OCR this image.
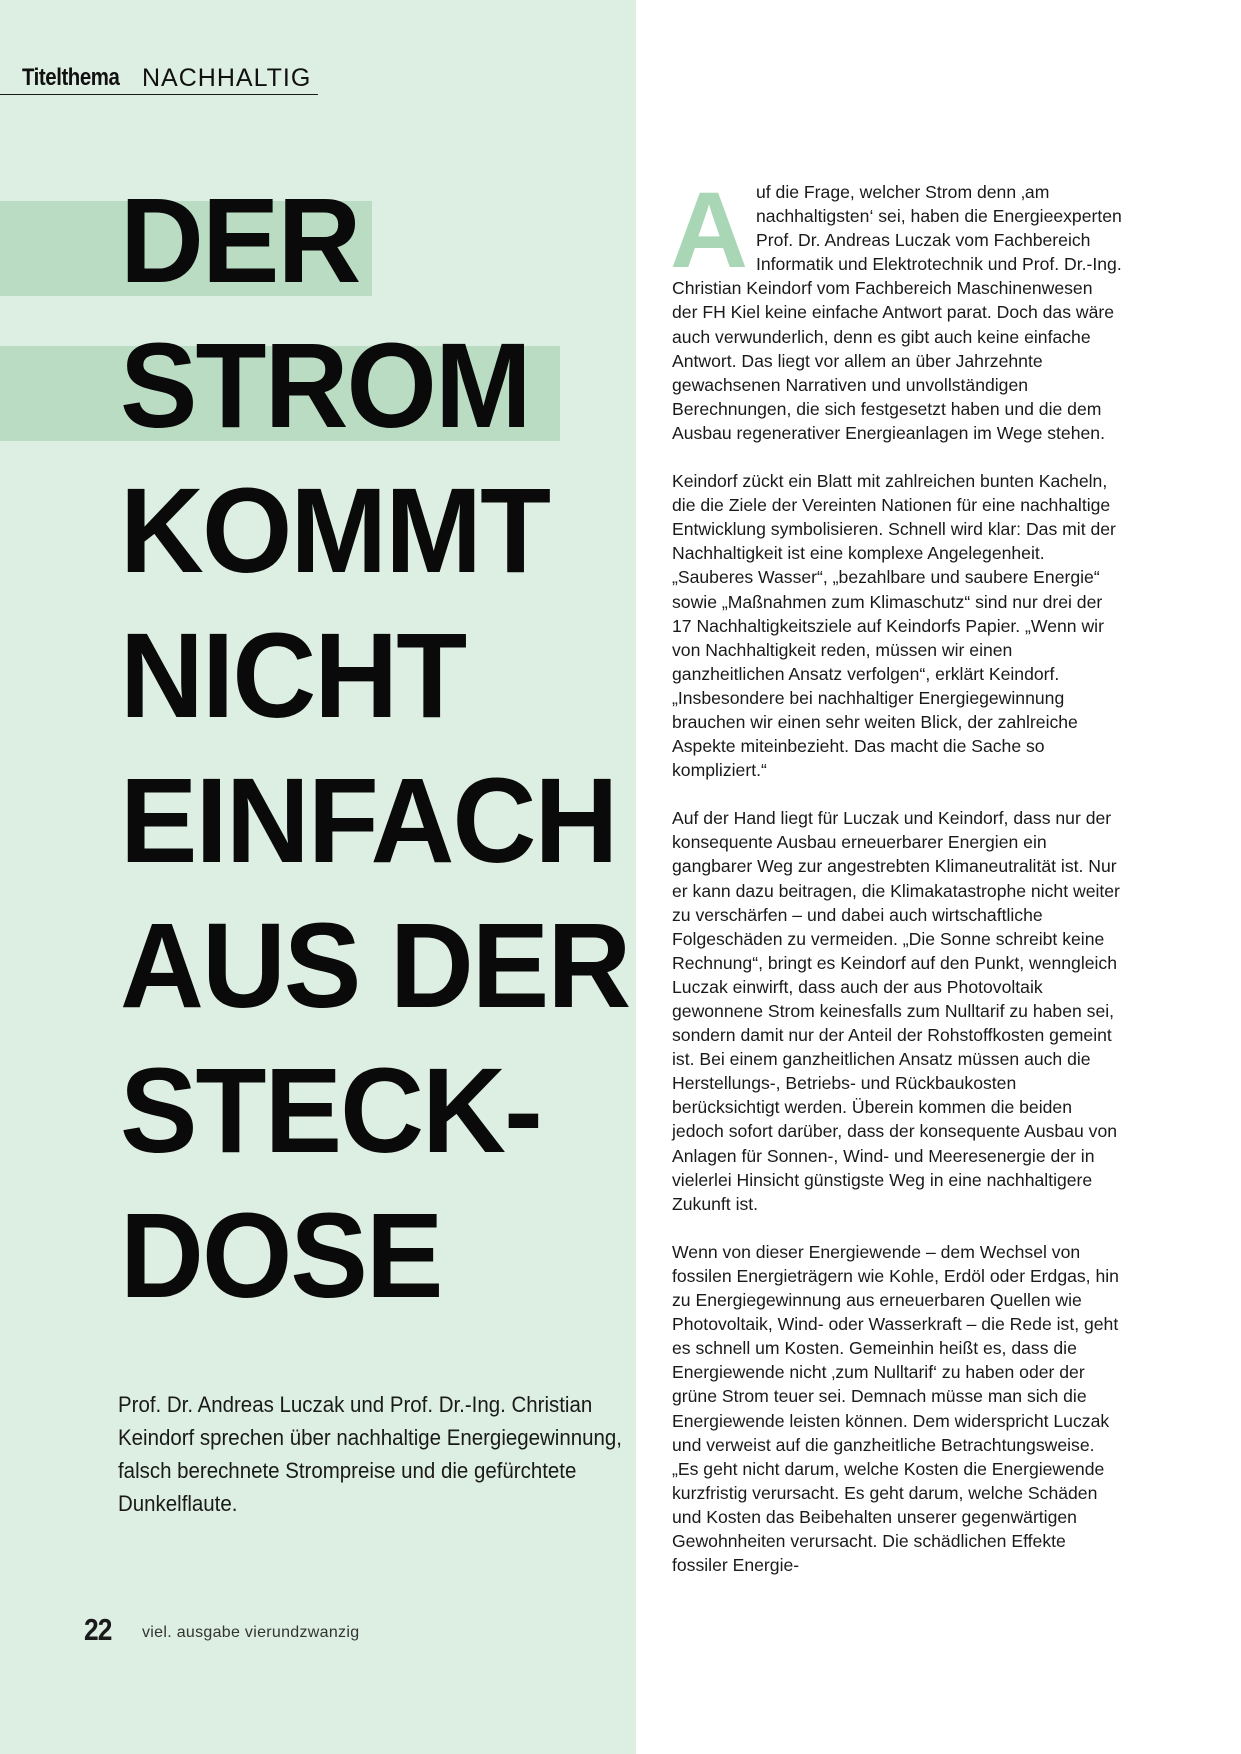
Titelthema NACHHALTIG
DER
STROM
KOMMT
NICHT
EINFACH
AUS DER
STECK-
DOSE

Prof. Dr. Andreas Luczak und Prof. Dr.-Ing. Christian
Keindorf sprechen über nachhaltige Energiegewinnung,
falsch berechnete Strompreise und die gefürchtete
Dunkelflaute.

22 viel. ausgabe vierundzwanzig

Auf die Frage, welcher Strom denn ‚am nachhaltigsten‘ sei, haben die Energieexperten Prof. Dr. Andreas Luczak vom Fachbereich Informatik und Elektrotechnik und Prof. Dr.-Ing. Christian Keindorf vom Fachbereich Maschinenwesen der FH Kiel keine einfache Antwort parat. Doch das wäre auch verwunderlich, denn es gibt auch keine einfache Antwort. Das liegt vor allem an über Jahrzehnte gewachsenen Narrativen und unvollständigen Berechnungen, die sich festgesetzt haben und die dem Ausbau regenerativer Energieanlagen im Wege stehen.

Keindorf zückt ein Blatt mit zahlreichen bunten Kacheln, die die Ziele der Vereinten Nationen für eine nachhaltige Entwicklung symbolisieren. Schnell wird klar: Das mit der Nachhaltigkeit ist eine komplexe Angelegenheit. „Sauberes Wasser“, „bezahlbare und saubere Energie“ sowie „Maßnahmen zum Klimaschutz“ sind nur drei der 17 Nachhaltigkeitsziele auf Keindorfs Papier. „Wenn wir von Nachhaltigkeit reden, müssen wir einen ganzheitlichen Ansatz verfolgen“, erklärt Keindorf. „Insbesondere bei nachhaltiger Energiegewinnung brauchen wir einen sehr weiten Blick, der zahlreiche Aspekte miteinbezieht. Das macht die Sache so kompliziert.“

Auf der Hand liegt für Luczak und Keindorf, dass nur der konsequente Ausbau erneuerbarer Energien ein gangbarer Weg zur angestrebten Klimaneutralität ist. Nur er kann dazu beitragen, die Klimakatastrophe nicht weiter zu verschärfen – und dabei auch wirtschaftliche Folgeschäden zu vermeiden. „Die Sonne schreibt keine Rechnung“, bringt es Keindorf auf den Punkt, wenngleich Luczak einwirft, dass auch der aus Photovoltaik gewonnene Strom keinesfalls zum Nulltarif zu haben sei, sondern damit nur der Anteil der Rohstoffkosten gemeint ist. Bei einem ganzheitlichen Ansatz müssen auch die Herstellungs-, Betriebs- und Rückbaukosten berücksichtigt werden. Überein kommen die beiden jedoch sofort darüber, dass der konsequente Ausbau von Anlagen für Sonnen-, Wind- und Meeresenergie der in vielerlei Hinsicht günstigste Weg in eine nachhaltigere Zukunft ist.

Wenn von dieser Energiewende – dem Wechsel von fossilen Energieträgern wie Kohle, Erdöl oder Erdgas, hin zu Energiegewinnung aus erneuerbaren Quellen wie Photovoltaik, Wind- oder Wasserkraft – die Rede ist, geht es schnell um Kosten. Gemeinhin heißt es, dass die Energiewende nicht ‚zum Nulltarif‘ zu haben oder der grüne Strom teuer sei. Demnach müsse man sich die Energiewende leisten können. Dem widerspricht Luczak und verweist auf die ganzheitliche Betrachtungsweise. „Es geht nicht darum, welche Kosten die Energiewende kurzfristig verursacht. Es geht darum, welche Schäden und Kosten das Beibehalten unserer gegenwärtigen Gewohnheiten verursacht. Die schädlichen Effekte fossiler Energie-
